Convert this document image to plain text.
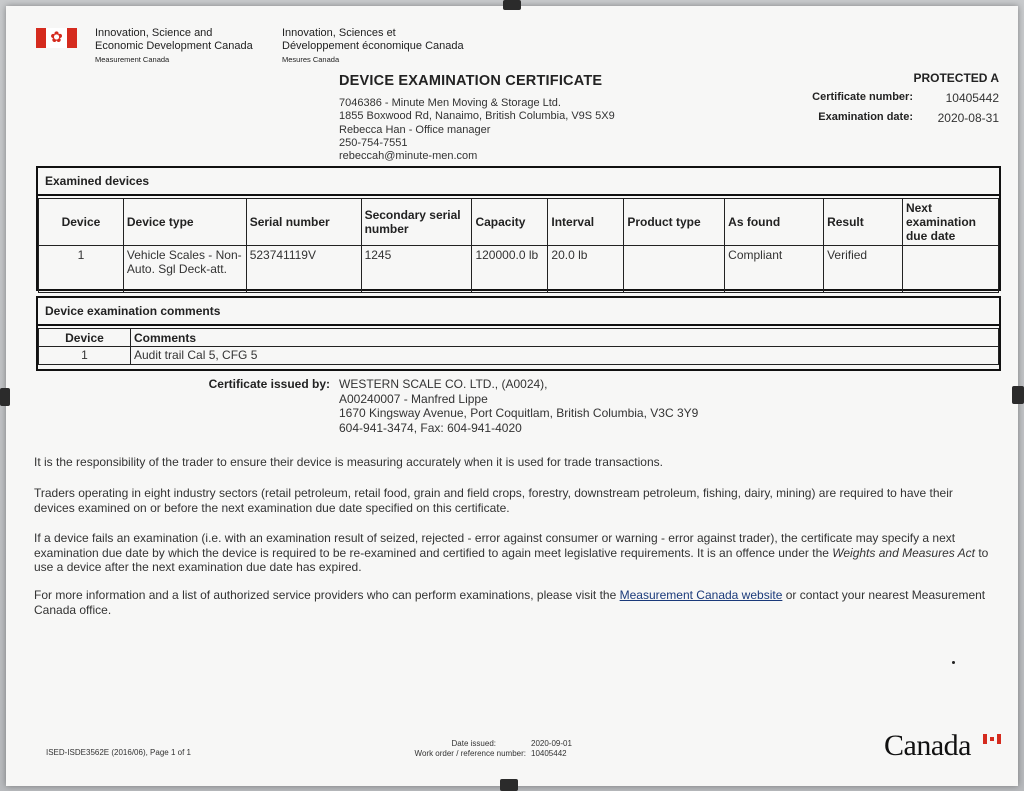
✿	Innovation, Science and
Economic Development Canada
Measurement Canada
Innovation, Sciences et
Développement économique Canada
Mesures Canada
DEVICE EXAMINATION CERTIFICATE
7046386 - Minute Men Moving & Storage Ltd.
1855 Boxwood Rd, Nanaimo, British Columbia, V9S 5X9
Rebecca Han - Office manager
250-754-7551
rebeccah@minute-men.com
PROTECTED A
Certificate number:	10405442
Examination date:	2020-08-31
Examined devices
Device	Device type	Serial number	Secondary serial number	Capacity	Interval	Product type	As found	Result	Next examination due date
1	Vehicle Scales - Non-Auto. Sgl Deck-att.	523741119V	1245	120000.0 lb	20.0 lb		Compliant	Verified	
Device examination comments
Device	Comments
1	Audit trail Cal 5, CFG 5
Certificate issued by: WESTERN SCALE CO. LTD., (A0024),
A00240007 - Manfred Lippe
1670 Kingsway Avenue, Port Coquitlam, British Columbia, V3C 3Y9
604-941-3474, Fax: 604-941-4020
It is the responsibility of the trader to ensure their device is measuring accurately when it is used for trade transactions.
Traders operating in eight industry sectors (retail petroleum, retail food, grain and field crops, forestry, downstream petroleum, fishing, dairy, mining) are required to have their devices examined on or before the next examination due date specified on this certificate.
If a device fails an examination (i.e. with an examination result of seized, rejected - error against consumer or warning - error against trader), the certificate may specify a next examination due date by which the device is required to be re-examined and certified to again meet legislative requirements. It is an offence under the Weights and Measures Act to use a device after the next examination due date has expired.
For more information and a list of authorized service providers who can perform examinations, please visit the Measurement Canada website or contact your nearest Measurement Canada office.
ISED-ISDE3562E (2016/06), Page 1 of 1
Date issued:	2020-09-01
Work order / reference number: 10405442	Canada
